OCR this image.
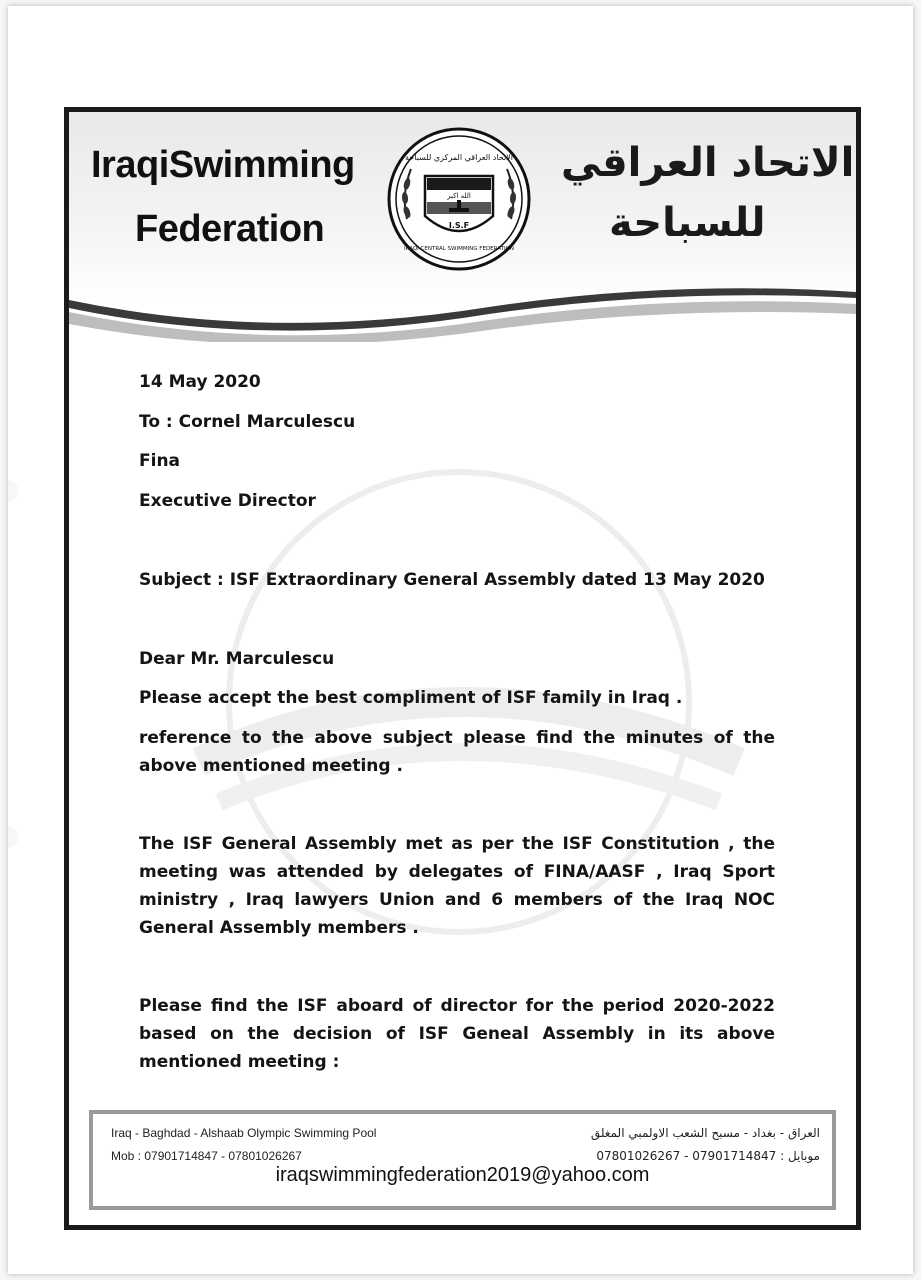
IraqiSwimming
Federation
الاتحاد العراقي
للسباحة
الاتحاد العراقي المركزي للسباحة
الله اكبر
I.S.F
IRAQI CENTRAL SWIMMING FEDERATION
14 May 2020
To : Cornel Marculescu
Fina
Executive Director
Subject : ISF Extraordinary General Assembly dated 13 May 2020
Dear Mr. Marculescu
Please accept the best compliment of ISF family in Iraq .
reference to the above subject please find the minutes of the above mentioned meeting .
The ISF General Assembly met as per the ISF Constitution , the meeting was attended by delegates of FINA/AASF , Iraq Sport ministry , Iraq lawyers Union and 6 members of the Iraq NOC General Assembly members .
Please find the ISF aboard of director for the period 2020-2022 based on the decision of ISF Geneal Assembly in its above mentioned meeting :
Iraq - Baghdad - Alshaab Olympic Swimming Pool
Mob : 07901714847 - 07801026267
العراق - بغداد - مسبح الشعب الاولمبي المغلق
موبايل : 07901714847 - 07801026267
iraqswimmingfederation2019@yahoo.com
